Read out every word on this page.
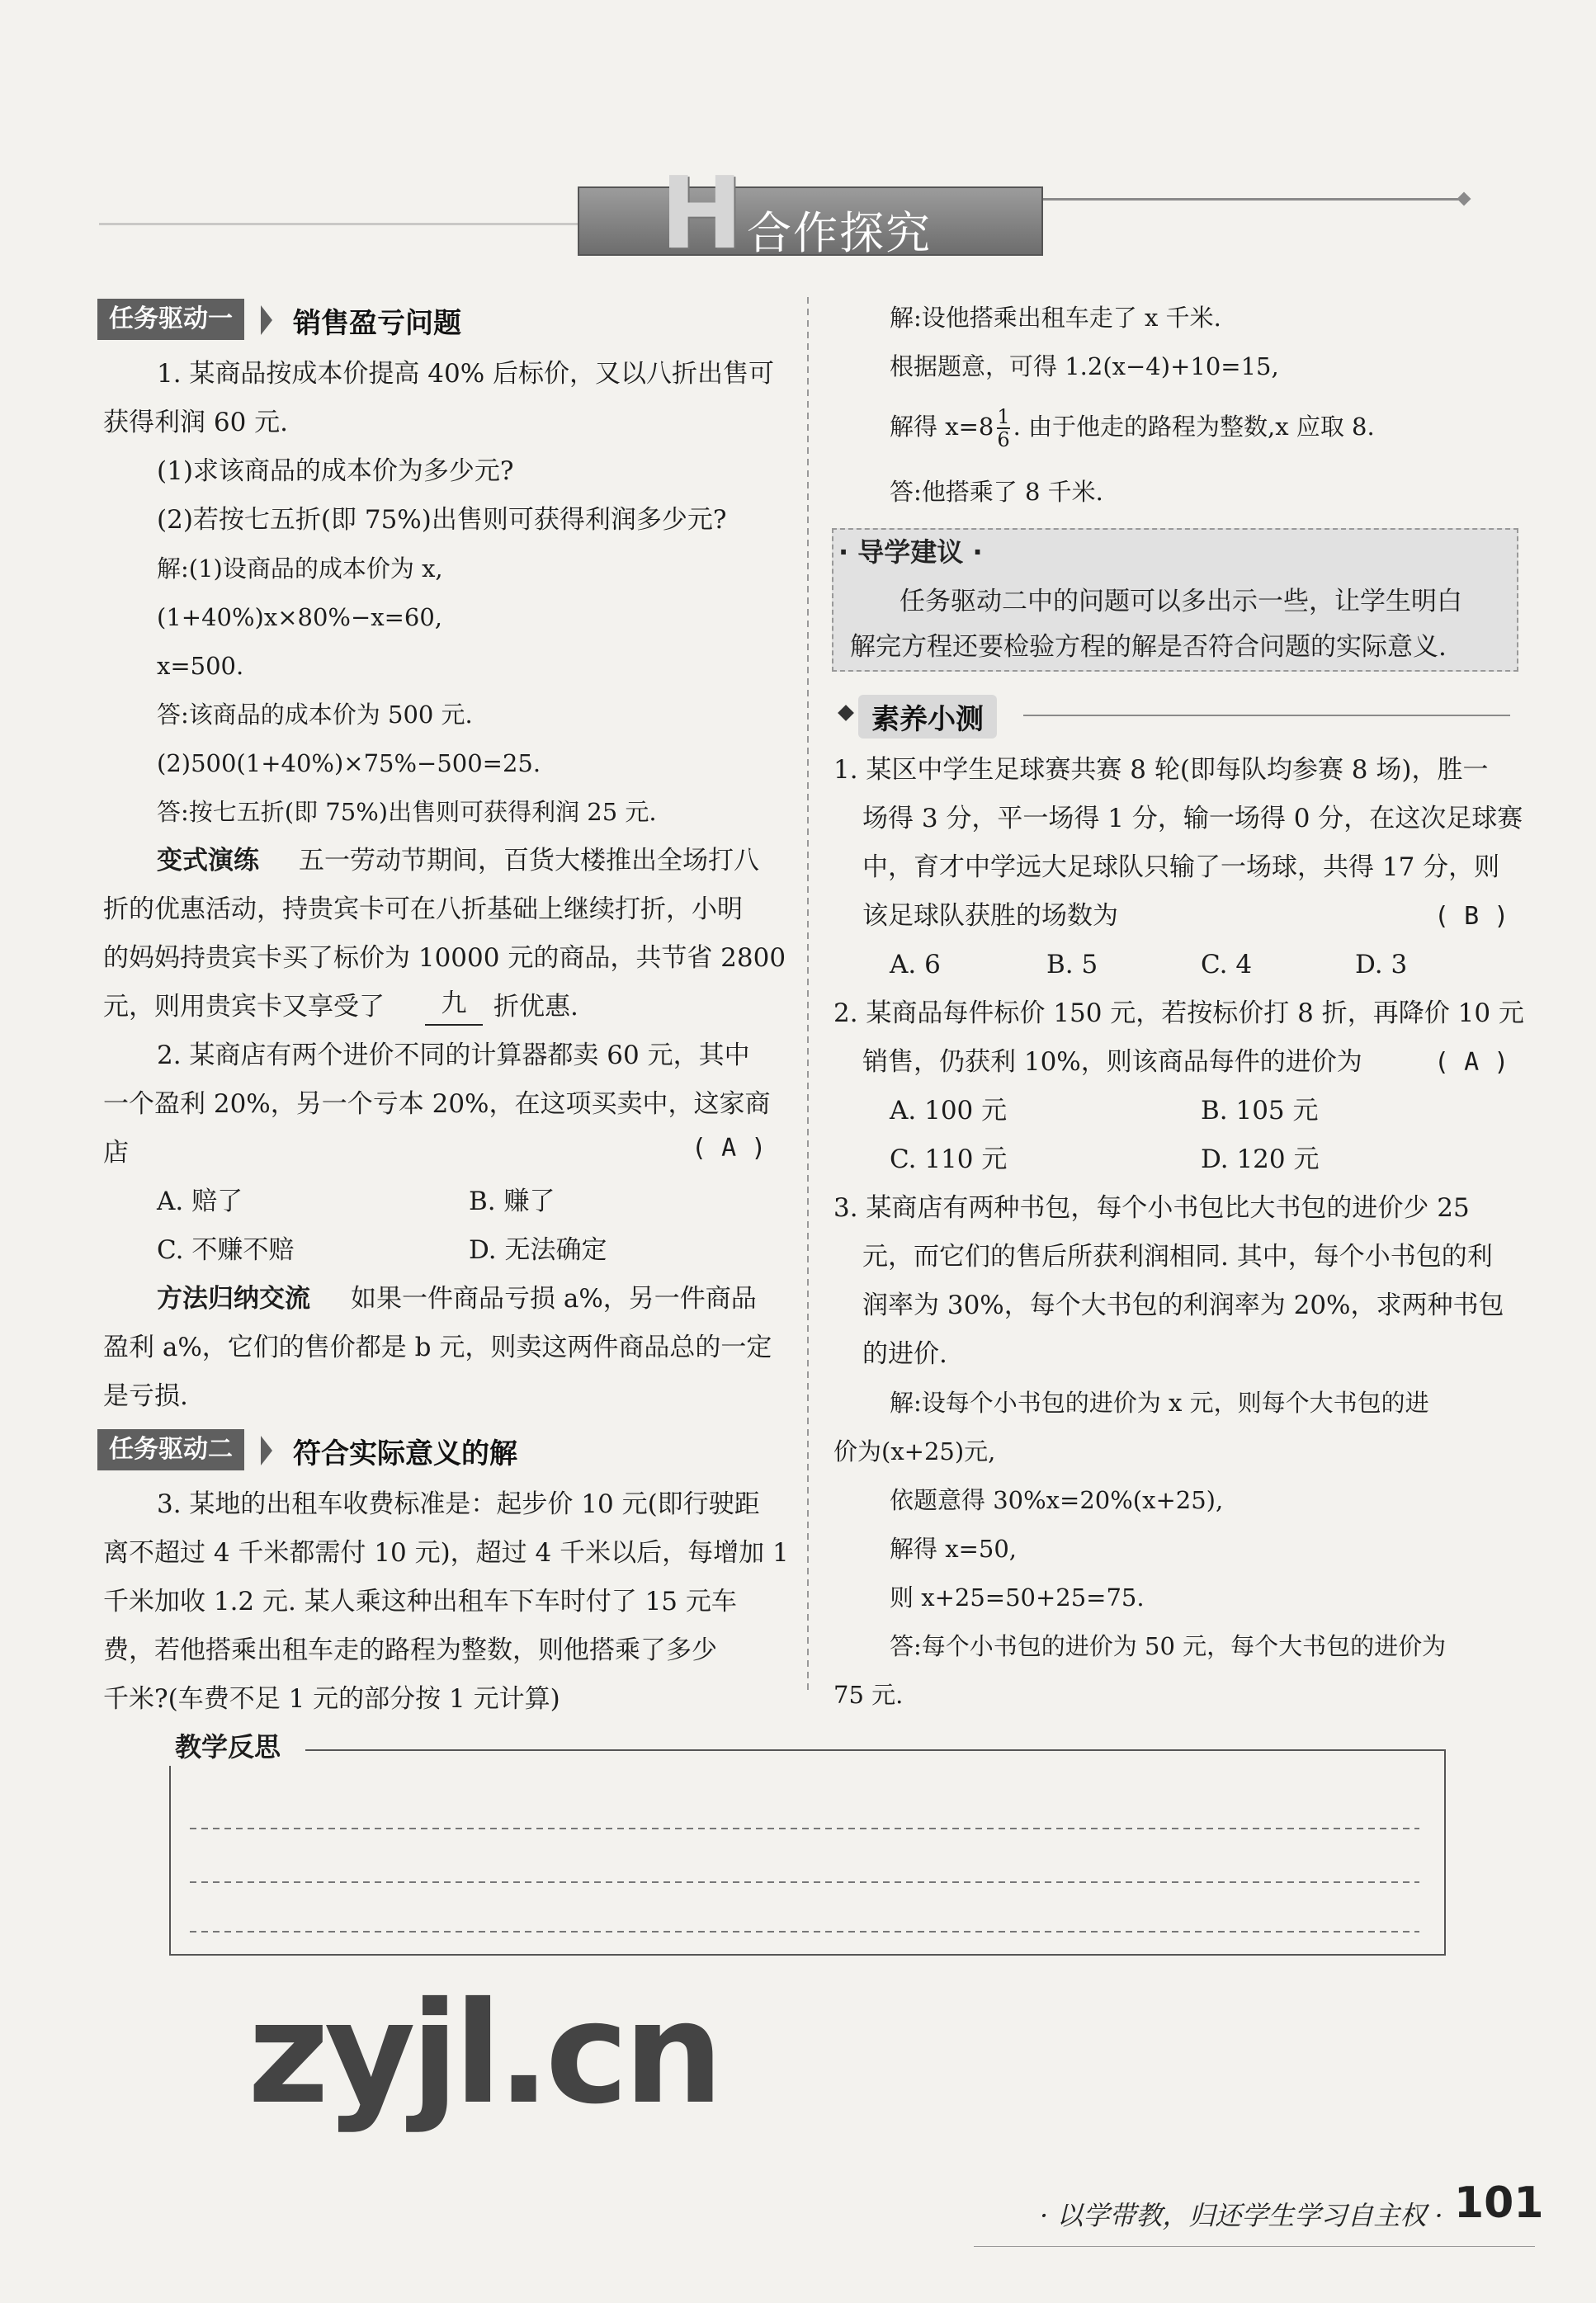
H 合作探究
任务驱动一	销售盈亏问题
1. 某商品按成本价提高 40% 后标价，又以八折出售可
获得利润 60 元.
(1)求该商品的成本价为多少元?
(2)若按七五折(即 75%)出售则可获得利润多少元?
解:(1)设商品的成本价为 x,
(1+40%)x×80%−x=60,
x=500.
答:该商品的成本价为 500 元.
(2)500(1+40%)×75%−500=25.
答:按七五折(即 75%)出售则可获得利润 25 元.
变式演练 五一劳动节期间，百货大楼推出全场打八
折的优惠活动，持贵宾卡可在八折基础上继续打折，小明
的妈妈持贵宾卡买了标价为 10000 元的商品，共节省 2800
元，则用贵宾卡又享受了	九	折优惠.
2. 某商店有两个进价不同的计算器都卖 60 元，其中
一个盈利 20%，另一个亏本 20%，在这项买卖中，这家商
店	( A )
A. 赔了	B. 赚了
C. 不赚不赔	D. 无法确定
方法归纳交流 如果一件商品亏损 a%，另一件商品
盈利 a%，它们的售价都是 b 元，则卖这两件商品总的一定
是亏损.
任务驱动二	符合实际意义的解
3. 某地的出租车收费标准是：起步价 10 元(即行驶距
离不超过 4 千米都需付 10 元)，超过 4 千米以后，每增加 1
千米加收 1.2 元. 某人乘这种出租车下车时付了 15 元车
费，若他搭乘出租车走的路程为整数，则他搭乘了多少
千米?(车费不足 1 元的部分按 1 元计算)
解:设他搭乘出租车走了 x 千米.
根据题意，可得 1.2(x−4)+10=15,
解得 $x=8 \frac{1}{6}$ . 由于他走的路程为整数,x 应取 8.
答:他搭乘了 8 千米.
· 导学建议 ·
任务驱动二中的问题可以多出示一些，让学生明白
解完方程还要检验方程的解是否符合问题的实际意义.
素养小测
1. 某区中学生足球赛共赛 8 轮(即每队均参赛 8 场)，胜一
场得 3 分，平一场得 1 分，输一场得 0 分，在这次足球赛
中，育才中学远大足球队只输了一场球，共得 17 分，则
该足球队获胜的场数为	( B )
A. 6	B. 5	C. 4	D. 3
2. 某商品每件标价 150 元，若按标价打 8 折，再降价 10 元
销售，仍获利 10%，则该商品每件的进价为	( A )
A. 100 元	B. 105 元
C. 110 元	D. 120 元
3. 某商店有两种书包，每个小书包比大书包的进价少 25
元，而它们的售后所获利润相同. 其中，每个小书包的利
润率为 30%，每个大书包的利润率为 20%，求两种书包
的进价.
解:设每个小书包的进价为 x 元，则每个大书包的进
价为(x+25)元,
依题意得 30%x=20%(x+25),
解得 x=50,
则 x+25=50+25=75.
答:每个小书包的进价为 50 元，每个大书包的进价为
75 元.
教学反思
zyjl.cn
· 以学带教，归还学生学习自主权 · 101
